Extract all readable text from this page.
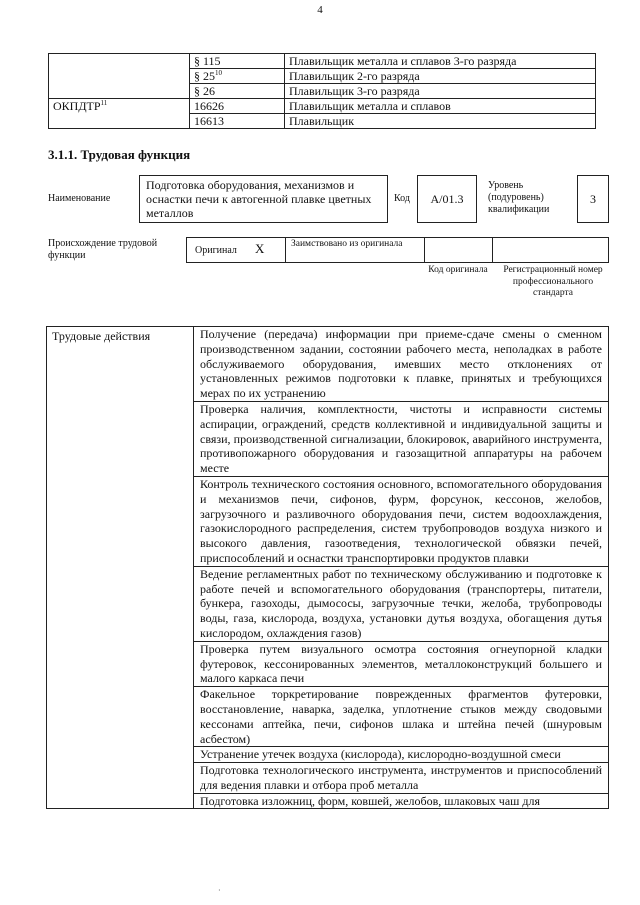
4
	§ 115	Плавильщик металла и сплавов 3-го разряда
	§ $25^{10}$	Плавильщик 2-го разряда
	§ 26	Плавильщик 3-го разряда
ОКПДТР$^{11}$	16626	Плавильщик металла и сплавов
	16613	Плавильщик
3.1.1. Трудовая функция
Наименование
Подготовка оборудования, механизмов и оснастки печи к автогенной плавке цветных металлов
Код	А/01.3
Уровень (подуровень) квалификации
3
Происхождение трудовой функции	Оригинал X	Заимствовано из оригинала
Код оригинала	Регистрационный номер профессионального стандарта
Трудовые действия	Получение (передача) информации при приеме-сдаче смены о сменном производственном задании, состоянии рабочего места, неполадках в работе обслуживаемого оборудования, имевших место отклонениях от установленных режимов подготовки к плавке, принятых и требующихся мерах по их устранению
Проверка наличия, комплектности, чистоты и исправности системы аспирации, ограждений, средств коллективной и индивидуальной защиты и связи, производственной сигнализации, блокировок, аварийного инструмента, противопожарного оборудования и газозащитной аппаратуры на рабочем месте
Контроль технического состояния основного, вспомогательного оборудования и механизмов печи, сифонов, фурм, форсунок, кессонов, желобов, загрузочного и разливочного оборудования печи, систем водоохлаждения, газокислородного распределения, систем трубопроводов воздуха низкого и высокого давления, газоотведения, технологической обвязки печей, приспособлений и оснастки транспортировки продуктов плавки
Ведение регламентных работ по техническому обслуживанию и подготовке к работе печей и вспомогательного оборудования (транспортеры, питатели, бункера, газоходы, дымососы, загрузочные течки, желоба, трубопроводы воды, газа, кислорода, воздуха, установки дутья воздуха, обогащения дутья кислородом, охлаждения газов)
Проверка путем визуального осмотра состояния огнеупорной кладки футеровок, кессонированных элементов, металлоконструкций большего и малого каркаса печи
Факельное торкретирование поврежденных фрагментов футеровки, восстановление, наварка, заделка, уплотнение стыков между сводовыми кессонами аптейка, печи, сифонов шлака и штейна печей (шнуровым асбестом)
Устранение утечек воздуха (кислорода), кислородно-воздушной смеси
Подготовка технологического инструмента, инструментов и приспособлений для ведения плавки и отбора проб металла

Подготовка изложниц, форм, ковшей, желобов, шлаковых чаш для
·
